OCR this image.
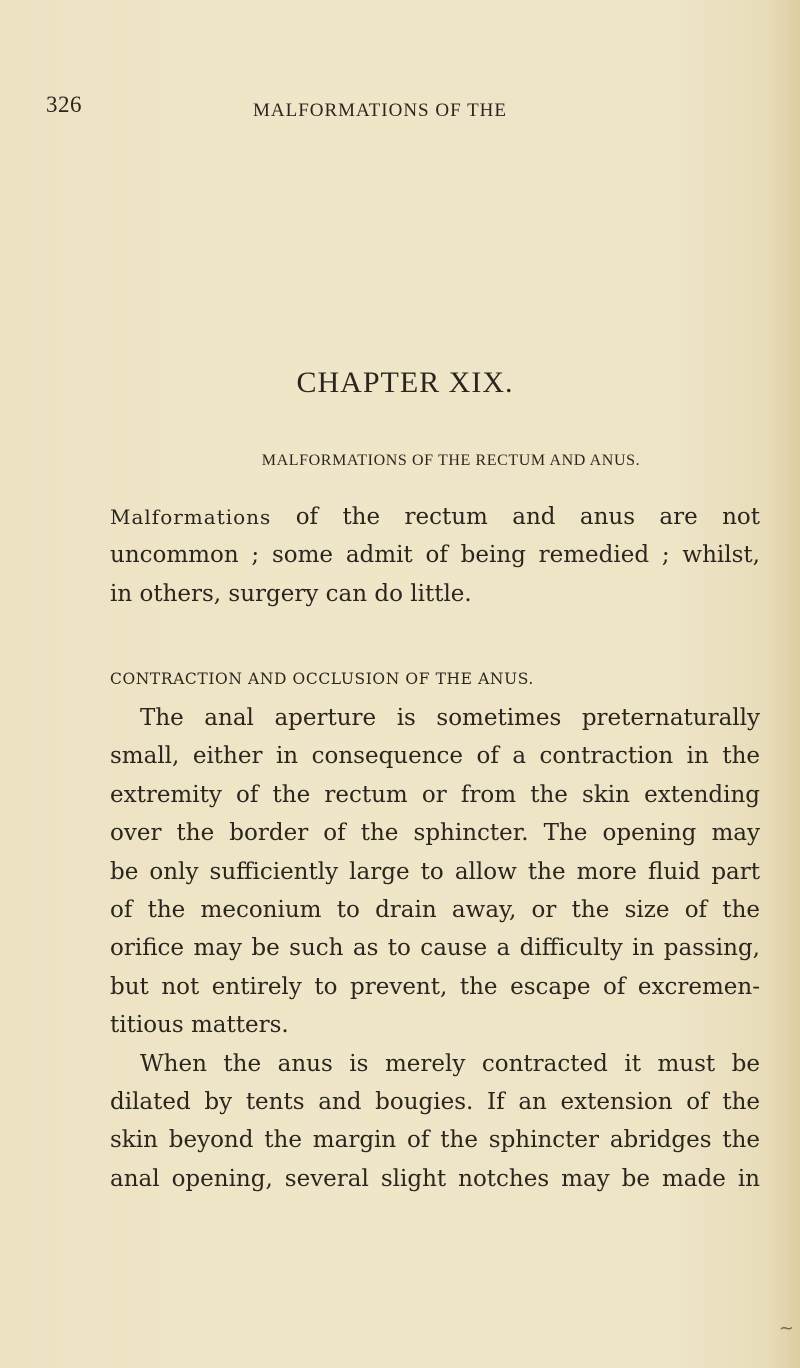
326	MALFORMATIONS OF THE
CHAPTER XIX.
MALFORMATIONS OF THE RECTUM AND ANUS.
Malformations of the rectum and anus are not
uncommon ; some admit of being remedied ; whilst,
in others, surgery can do little.
CONTRACTION AND OCCLUSION OF THE ANUS.
The anal aperture is sometimes preternaturally
small, either in consequence of a contraction in the
extremity of the rectum or from the skin extending
over the border of the sphincter. The opening may
be only sufficiently large to allow the more fluid part
of the meconium to drain away, or the size of the
orifice may be such as to cause a difficulty in passing,
but not entirely to prevent, the escape of excremen-
titious matters.
When the anus is merely contracted it must be
dilated by tents and bougies. If an extension of the
skin beyond the margin of the sphincter abridges the
anal opening, several slight notches may be made in
~
